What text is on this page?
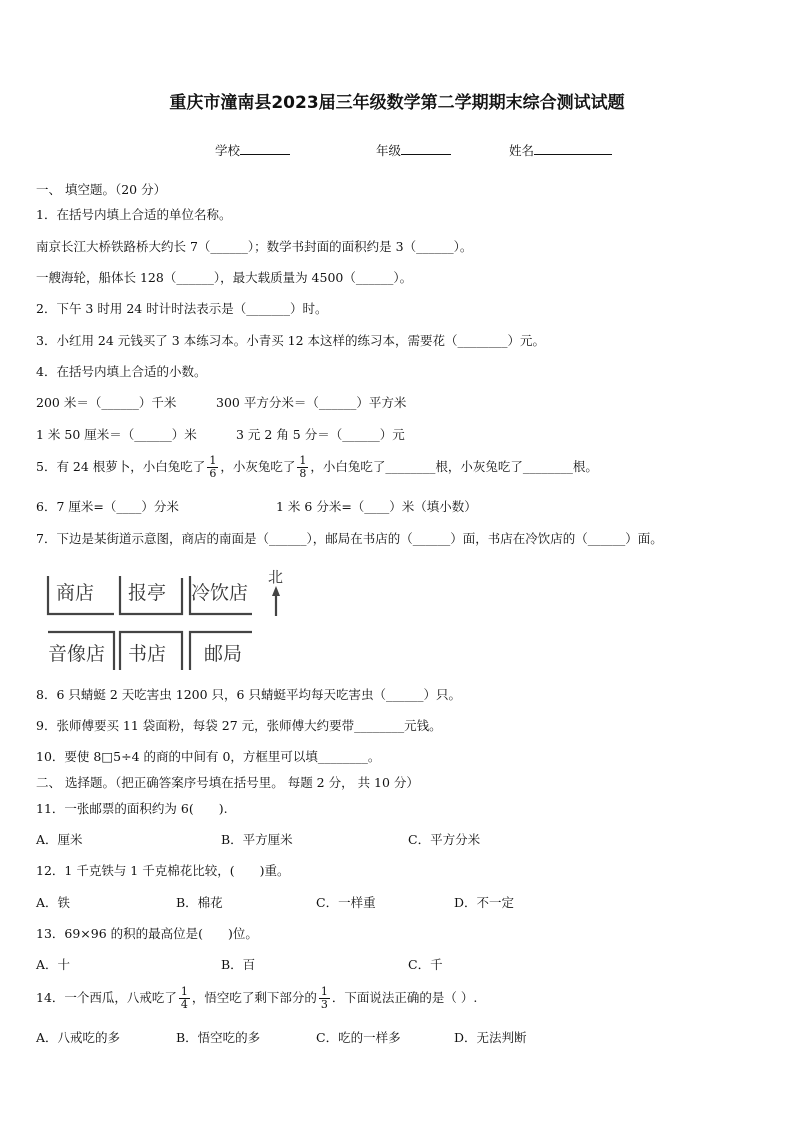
重庆市潼南县2023届三年级数学第二学期期末综合测试试题
学校	年级	姓名
一、 填空题。（20 分）
1．在括号内填上合适的单位名称。
南京长江大桥铁路桥大约长 7（______）；数学书封面的面积约是 3（______）。
一艘海轮，船体长 128（______），最大载质量为 4500（______）。
2．下午 3 时用 24 时计时法表示是（_______）时。
3．小红用 24 元钱买了 3 本练习本。小青买 12 本这样的练习本，需要花（________）元。
4．在括号内填上合适的小数。
200 米＝（______）千米	300 平方分米＝（______）平方米
1 米 50 厘米＝（______）米	3 元 2 角 5 分＝（______）元
5．有 24 根萝卜，小白兔吃了 $\frac{1}{6}$ ，小灰兔吃了 $\frac{1}{8}$ ，小白兔吃了________根，小灰兔吃了________根。
6．7 厘米=（____）分米	1 米 6 分米=（____）米（填小数）
7．下边是某街道示意图，商店的南面是（______），邮局在书店的（______）面，书店在冷饮店的（______）面。
商店 报亭 冷饮店
音像店 书店 邮局
北
8．6 只蜻蜓 2 天吃害虫 1200 只，6 只蜻蜓平均每天吃害虫（______）只。
9．张师傅要买 11 袋面粉，每袋 27 元，张师傅大约要带________元钱。
10．要使 8□5÷4 的商的中间有 0，方框里可以填________。
二、 选择题。（把正确答案序号填在括号里。 每题 2 分， 共 10 分）
11．一张邮票的面积约为 6(　　).
A．厘米	B．平方厘米	C．平方分米
12．1 千克铁与 1 千克棉花比较，(　　)重。
A．铁	B．棉花	C．一样重	D．不一定
13．69×96 的积的最高位是(　　)位。
A．十	B．百	C．千
14．一个西瓜，八戒吃了 $\frac{1}{4}$ ，悟空吃了剩下部分的 $\frac{1}{3}$ ．下面说法正确的是（ ）.
A．八戒吃的多	B．悟空吃的多	C．吃的一样多	D．无法判断
